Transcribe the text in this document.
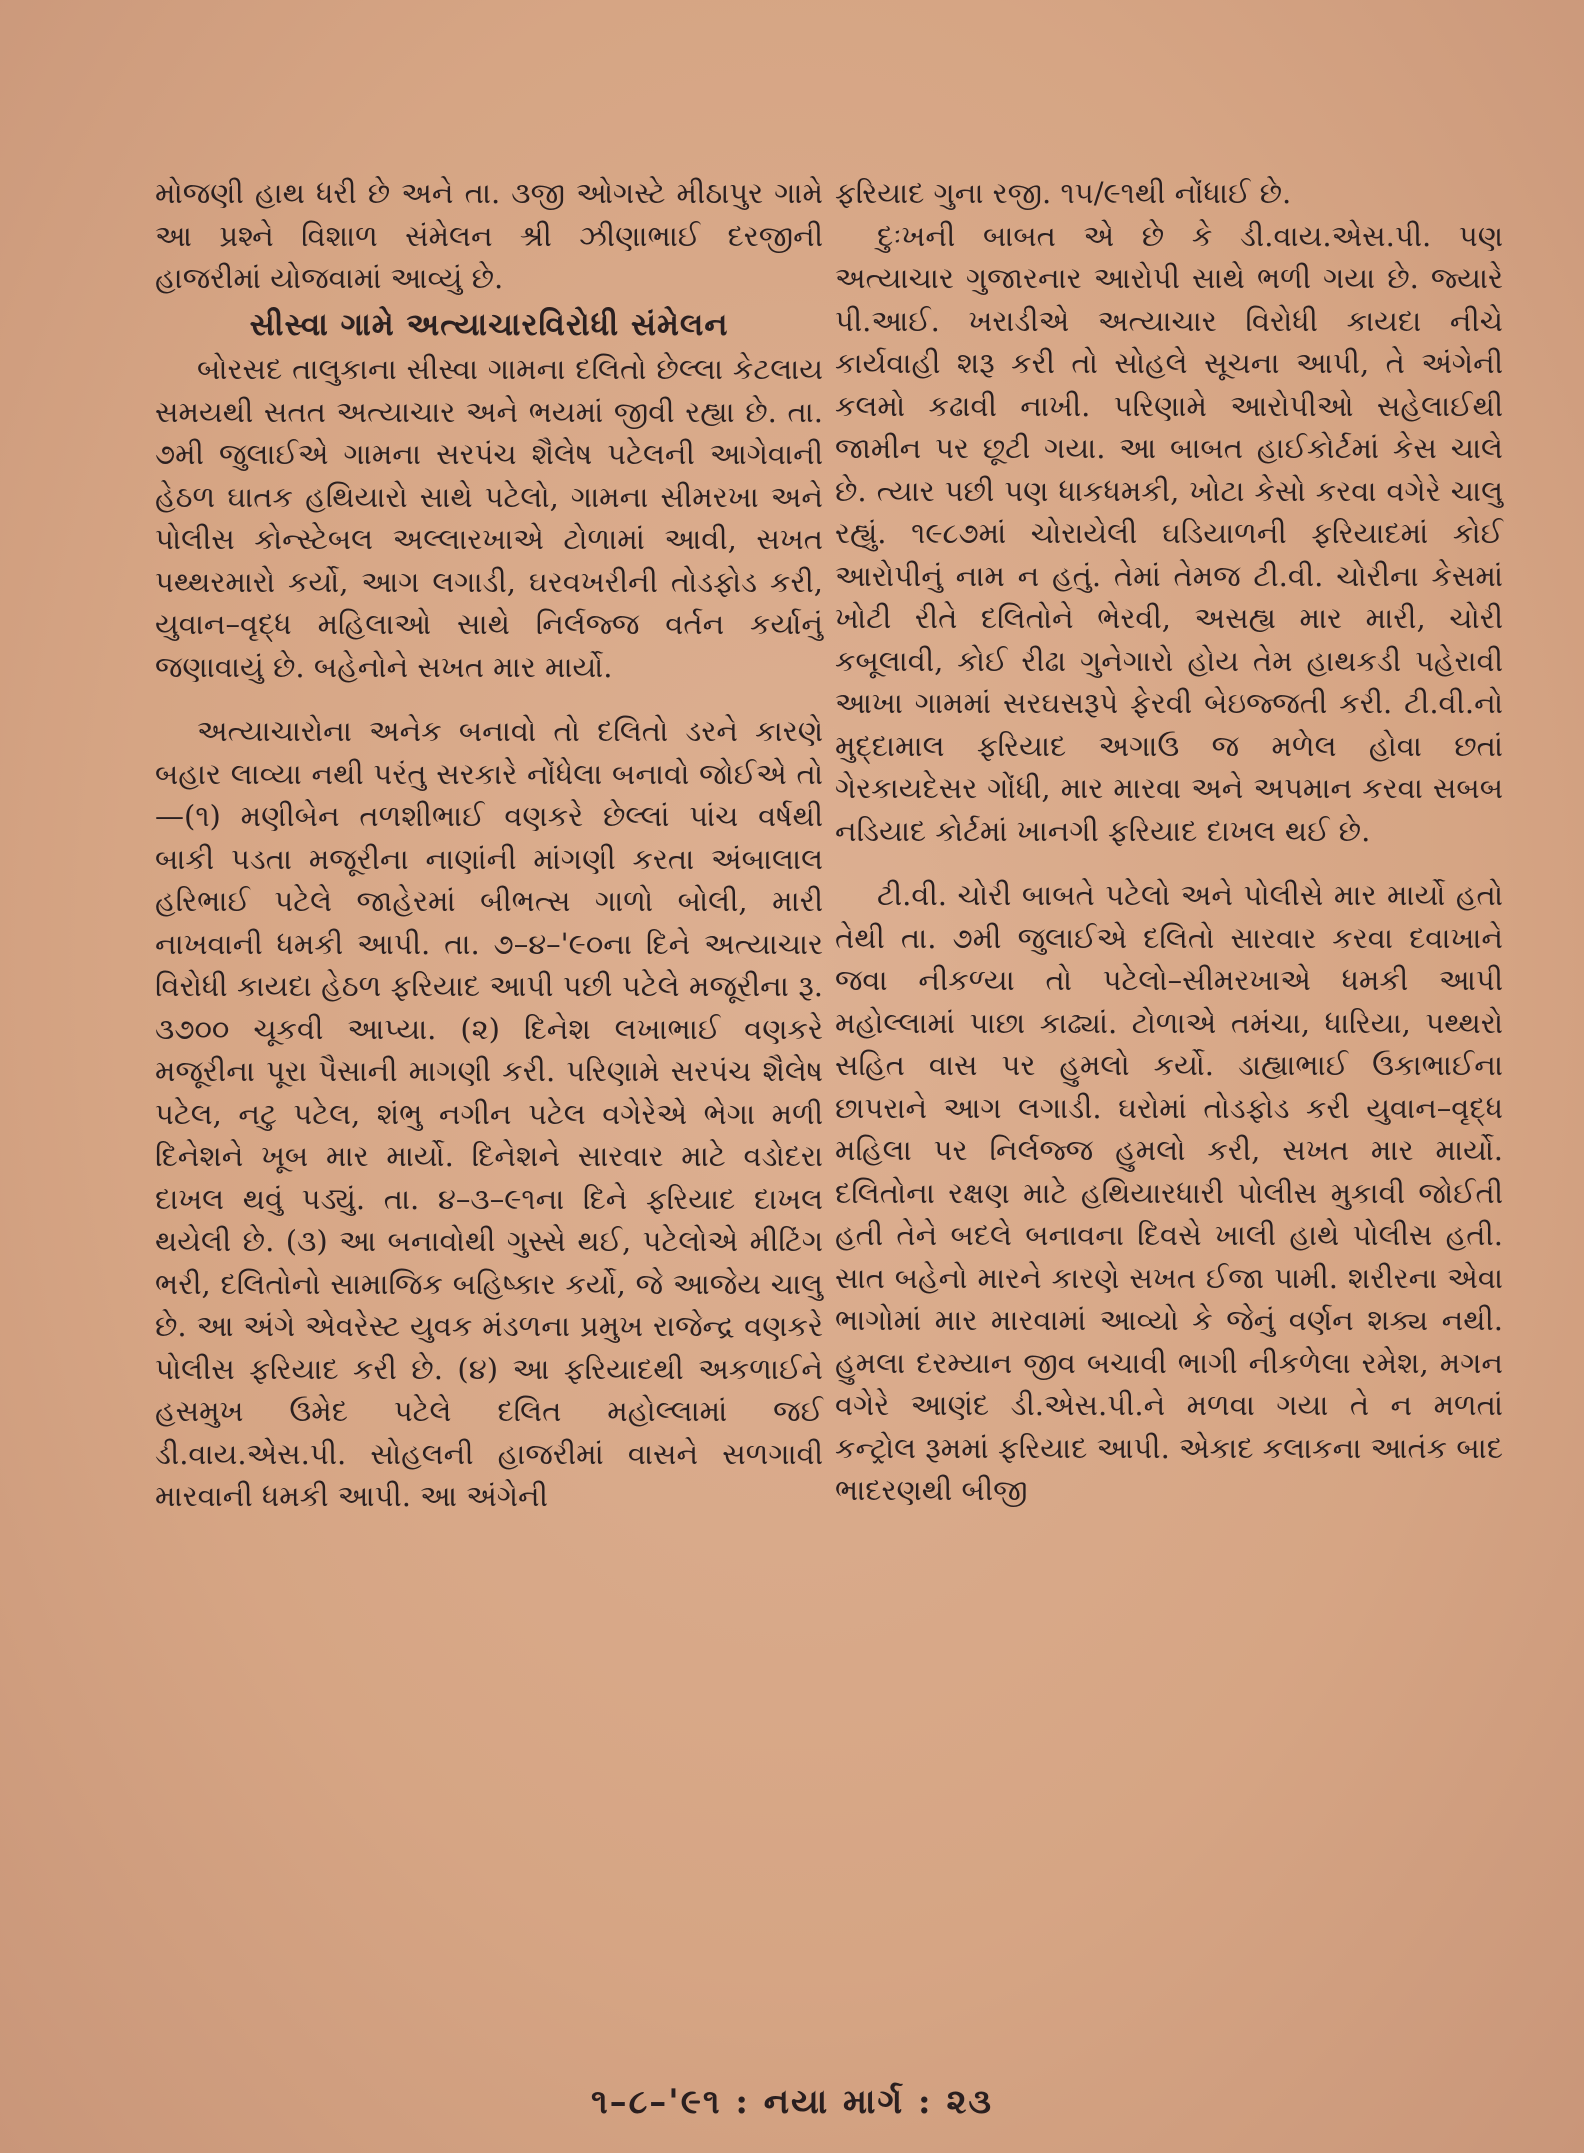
મોજણી હાથ ધરી છે અને તા. ૩જી ઓગસ્ટે મીઠાપુર ગામે આ પ્રશ્ને વિશાળ સંમેલન શ્રી ઝીણાભાઈ દરજીની હાજરીમાં યોજવામાં આવ્યું છે.

સીસ્વા ગામે અત્યાચારવિરોધી સંમેલન

બોરસદ તાલુકાના સીસ્વા ગામના દલિતો છેલ્લા કેટલાય સમયથી સતત અત્યાચાર અને ભયમાં જીવી રહ્યા છે. તા. ૭મી જુલાઈએ ગામના સરપંચ શૈલેષ પટેલની આગેવાની હેઠળ ઘાતક હથિયારો સાથે પટેલો, ગામના સીમરખા અને પોલીસ કોન્સ્ટેબલ અલ્લારખાએ ટોળામાં આવી, સખત પથ્થરમારો કર્યો, આગ લગાડી, ઘરવખરીની તોડફોડ કરી, યુવાન–વૃદ્ધ મહિલાઓ સાથે નિર્લજ્જ વર્તન કર્યાનું જણાવાયું છે. બહેનોને સખત માર માર્યો.

અત્યાચારોના અનેક બનાવો તો દલિતો ડરને કારણે બહાર લાવ્યા નથી પરંતુ સરકારે નોંધેલા બનાવો જોઈએ તો—(૧) મણીબેન તળશીભાઈ વણકરે છેલ્લાં પાંચ વર્ષથી બાકી પડતા મજૂરીના નાણાંની માંગણી કરતા અંબાલાલ હરિભાઈ પટેલે જાહેરમાં બીભત્સ ગાળો બોલી, મારી નાખવાની ધમકી આપી. તા. ૭–૪–'૯૦ના દિને અત્યાચાર વિરોધી કાયદા હેઠળ ફરિયાદ આપી પછી પટેલે મજૂરીના રૂ. ૩૭૦૦ ચૂકવી આપ્યા. (૨) દિનેશ લખાભાઈ વણકરે મજૂરીના પૂરા પૈસાની માગણી કરી. પરિણામે સરપંચ શૈલેષ પટેલ, નટુ પટેલ, શંભુ નગીન પટેલ વગેરેએ ભેગા મળી દિનેશને ખૂબ માર માર્યો. દિનેશને સારવાર માટે વડોદરા દાખલ થવું પડ્યું. તા. ૪–૩–૯૧ના દિને ફરિયાદ દાખલ થયેલી છે. (૩) આ બનાવોથી ગુસ્સે થઈ, પટેલોએ મીટિંગ ભરી, દલિતોનો સામાજિક બહિષ્કાર કર્યો, જે આજેય ચાલુ છે. આ અંગે એવરેસ્ટ યુવક મંડળના પ્રમુખ રાજેન્દ્ર વણકરે પોલીસ ફરિયાદ કરી છે. (૪) આ ફરિયાદથી અકળાઈને હસમુખ ઉમેદ પટેલે દલિત મહોલ્લામાં જઈ ડી.વાય.એસ.પી. સોહલની હાજરીમાં વાસને સળગાવી મારવાની ધમકી આપી. આ અંગેની

ફરિયાદ ગુના રજી. ૧૫/૯૧થી નોંધાઈ છે.

દુઃખની બાબત એ છે કે ડી.વાય.એસ.પી. પણ અત્યાચાર ગુજારનાર આરોપી સાથે ભળી ગયા છે. જ્યારે પી.આઈ. ખરાડીએ અત્યાચાર વિરોધી કાયદા નીચે કાર્યવાહી શરૂ કરી તો સોહલે સૂચના આપી, તે અંગેની કલમો કઢાવી નાખી. પરિણામે આરોપીઓ સહેલાઈથી જામીન પર છૂટી ગયા. આ બાબત હાઈકોર્ટમાં કેસ ચાલે છે. ત્યાર પછી પણ ધાકધમકી, ખોટા કેસો કરવા વગેરે ચાલુ રહ્યું. ૧૯૮૭માં ચોરાયેલી ઘડિયાળની ફરિયાદમાં કોઈ આરોપીનું નામ ન હતું. તેમાં તેમજ ટી.વી. ચોરીના કેસમાં ખોટી રીતે દલિતોને ભેરવી, અસહ્ય માર મારી, ચોરી કબૂલાવી, કોઈ રીઢા ગુનેગારો હોય તેમ હાથકડી પહેરાવી આખા ગામમાં સરઘસરૂપે ફેરવી બેઇજ્જતી કરી. ટી.વી.નો મુદ્દામાલ ફરિયાદ અગાઉ જ મળેલ હોવા છતાં ગેરકાયદેસર ગોંધી, માર મારવા અને અપમાન કરવા સબબ નડિયાદ કોર્ટમાં ખાનગી ફરિયાદ દાખલ થઈ છે.

ટી.વી. ચોરી બાબતે પટેલો અને પોલીસે માર માર્યો હતો તેથી તા. ૭મી જુલાઈએ દલિતો સારવાર કરવા દવાખાને જવા નીકળ્યા તો પટેલો–સીમરખાએ ધમકી આપી મહોલ્લામાં પાછા કાઢ્યાં. ટોળાએ તમંચા, ધારિયા, પથ્થરો સહિત વાસ પર હુમલો કર્યો. ડાહ્યાભાઈ ઉકાભાઈના છાપરાને આગ લગાડી. ઘરોમાં તોડફોડ કરી યુવાન–વૃદ્ધ મહિલા પર નિર્લજ્જ હુમલો કરી, સખત માર માર્યો. દલિતોના રક્ષણ માટે હથિયારધારી પોલીસ મુકાવી જોઈતી હતી તેને બદલે બનાવના દિવસે ખાલી હાથે પોલીસ હતી. સાત બહેનો મારને કારણે સખત ઈજા પામી. શરીરના એવા ભાગોમાં માર મારવામાં આવ્યો કે જેનું વર્ણન શક્ય નથી. હુમલા દરમ્યાન જીવ બચાવી ભાગી નીકળેલા રમેશ, મગન વગેરે આણંદ ડી.એસ.પી.ને મળવા ગયા તે ન મળતાં કન્ટ્રોલ રૂમમાં ફરિયાદ આપી. એકાદ કલાકના આતંક બાદ ભાદરણથી બીજી

૧–૮–'૯૧ : નયા માર્ગ : ૨૩
